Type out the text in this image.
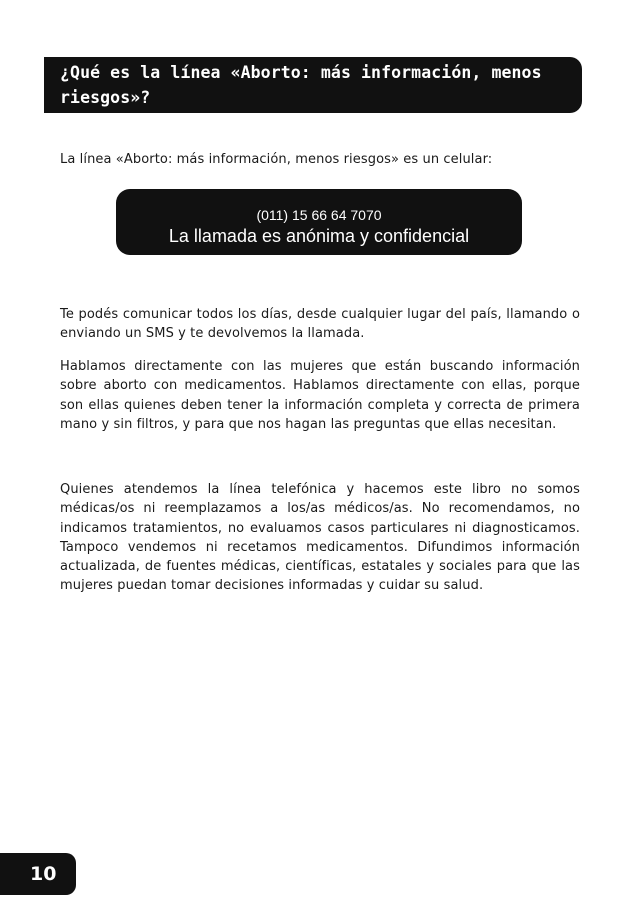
¿Qué es la línea «Aborto: más información, menos riesgos»?

La línea «Aborto: más información, menos riesgos» es un celular:

(011) 15 66 64 7070
La llamada es anónima y confidencial

Te podés comunicar todos los días, desde cualquier lugar del país, llamando o enviando un SMS y te devolvemos la llamada.

Hablamos directamente con las mujeres que están buscando información sobre aborto con medicamentos. Hablamos directamente con ellas, porque son ellas quienes deben tener la información completa y correcta de primera mano y sin filtros, y para que nos hagan las preguntas que ellas necesitan.

Quienes atendemos la línea telefónica y hacemos este libro no somos médicas/os ni reemplazamos a los/as médicos/as. No recomendamos, no indicamos tratamientos, no evaluamos casos particulares ni diagnosticamos. Tampoco vendemos ni recetamos medicamentos. Difundimos información actualizada, de fuentes médicas, científicas, estatales y sociales para que las mujeres puedan tomar decisiones informadas y cuidar su salud.

10
